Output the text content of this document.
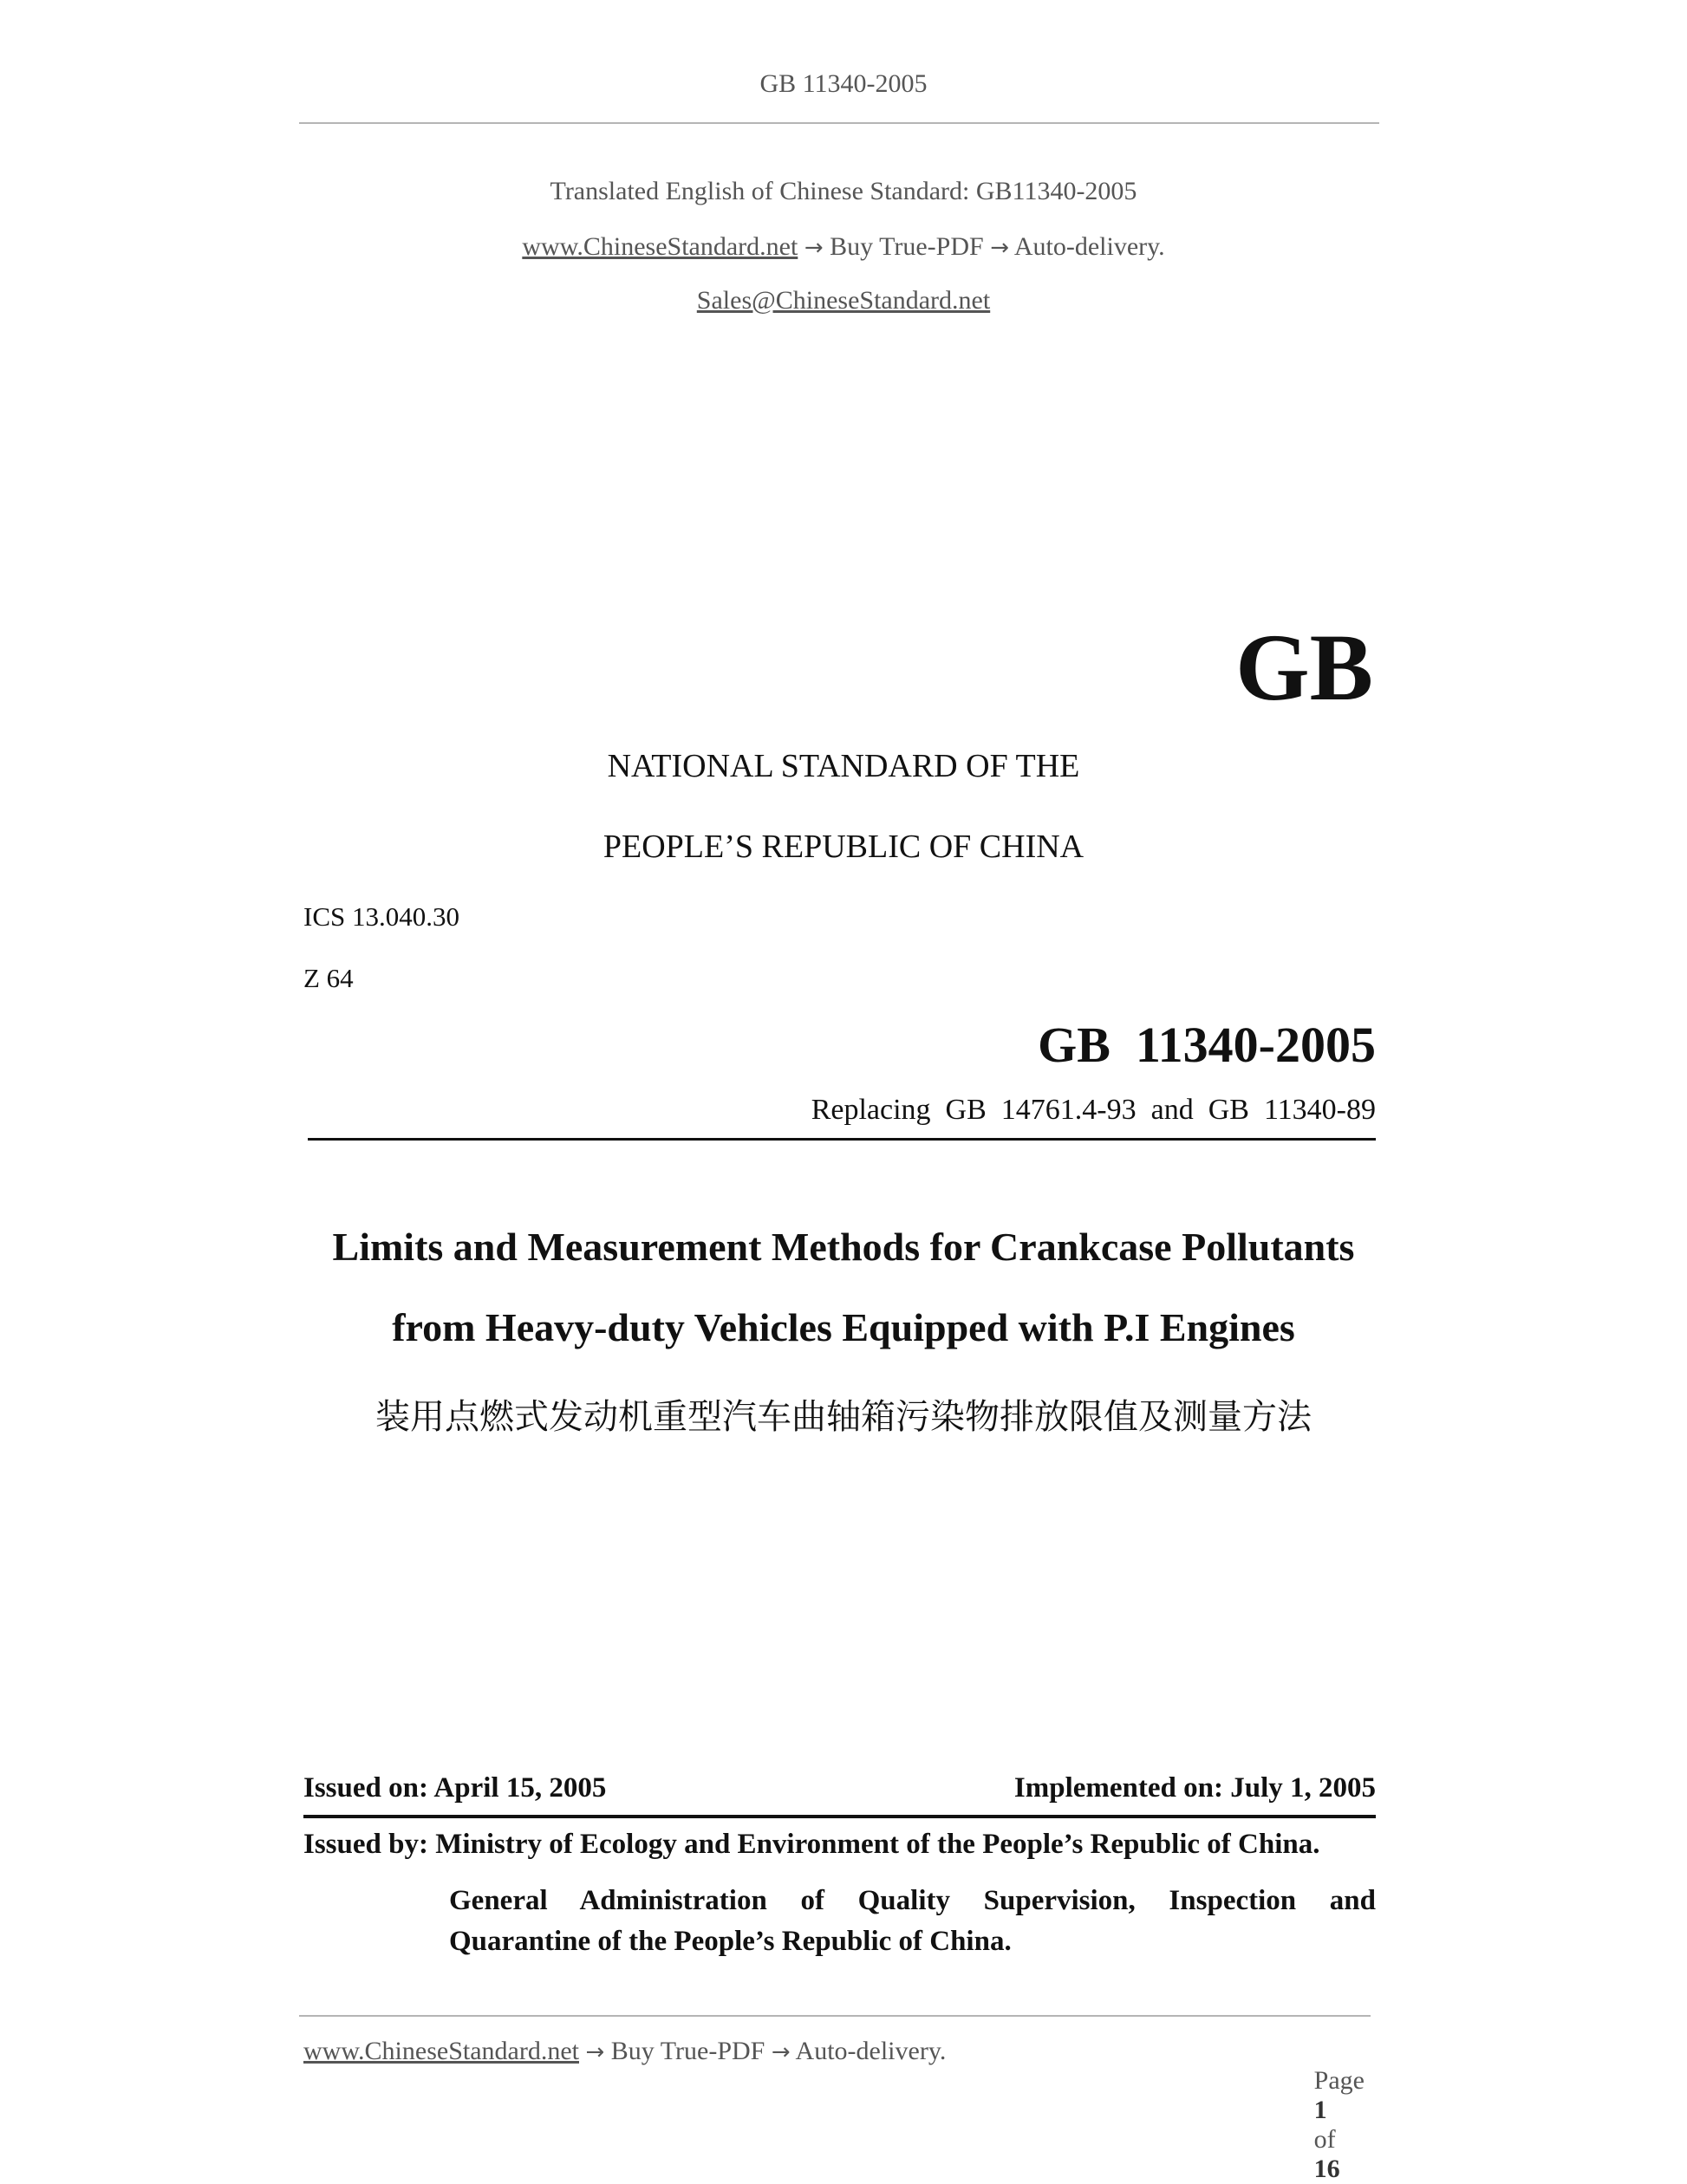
GB 11340-2005
Translated English of Chinese Standard: GB11340-2005
www.ChineseStandard.net → Buy True-PDF → Auto-delivery.
Sales@ChineseStandard.net
GB
NATIONAL STANDARD OF THE
PEOPLE’S REPUBLIC OF CHINA
ICS 13.040.30
Z 64
GB  11340-2005
Replacing  GB  14761.4-93  and  GB  11340-89
Limits and Measurement Methods for Crankcase Pollutants
from Heavy-duty Vehicles Equipped with P.I Engines
装用点燃式发动机重型汽车曲轴箱污染物排放限值及测量方法
Issued on: April 15, 2005	Implemented on: July 1, 2005
Issued by: Ministry of Ecology and Environment of the People’s Republic of China.
General Administration of Quality Supervision, Inspection and
Quarantine of the People’s Republic of China.
www.ChineseStandard.net → Buy True-PDF → Auto-delivery.

Page
1
of
16
